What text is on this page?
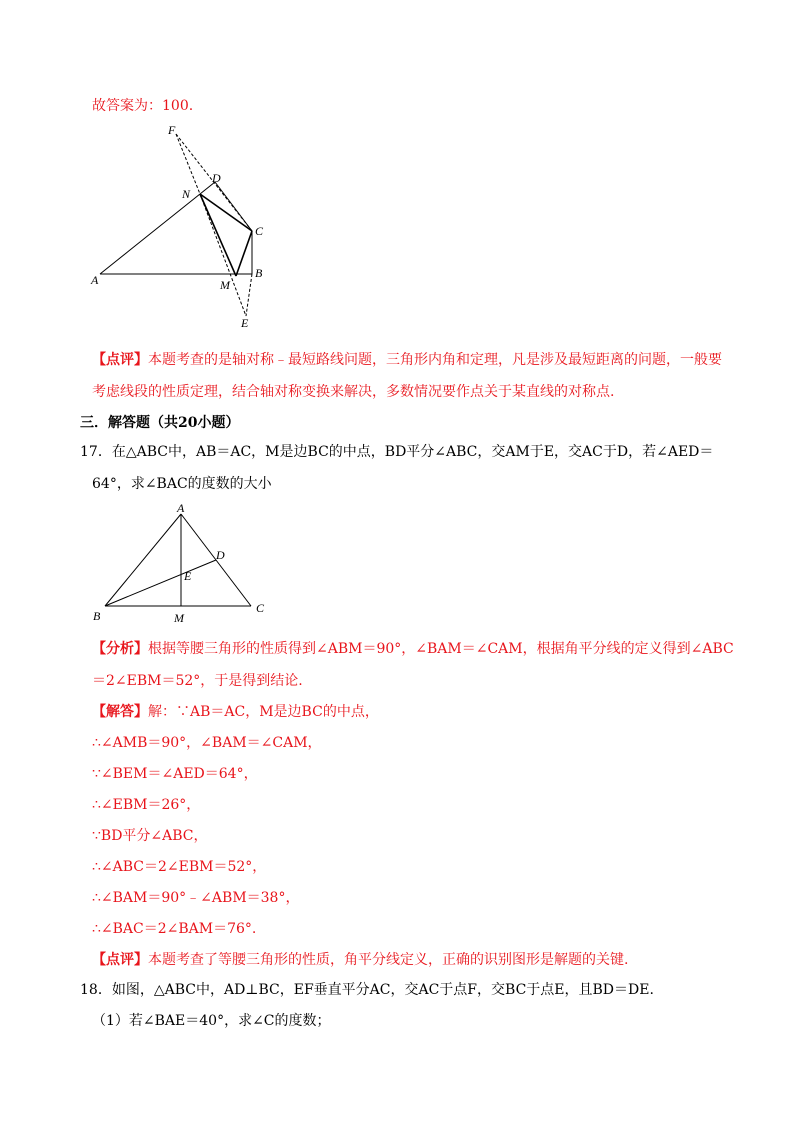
故答案为：100.
F
D
N
C
A	M
B
E
【点评】本题考查的是轴对称﹣最短路线问题，三角形内角和定理，凡是涉及最短距离的问题，一般要
考虑线段的性质定理，结合轴对称变换来解决，多数情况要作点关于某直线的对称点.
三．解答题（共20小题）
17．在△ABC中，AB＝AC，M是边BC的中点，BD平分∠ABC，交AM于E，交AC于D，若∠AED＝
64°，求∠BAC的度数的大小
A
D
E
B
C
M
【分析】根据等腰三角形的性质得到∠ABM＝90°，∠BAM＝∠CAM，根据角平分线的定义得到∠ABC
＝2∠EBM＝52°，于是得到结论.
【解答】解：∵AB＝AC，M是边BC的中点，
∴∠AMB＝90°，∠BAM＝∠CAM，
∵∠BEM＝∠AED＝64°，
∴∠EBM＝26°，
∵BD平分∠ABC，
∴∠ABC＝2∠EBM＝52°，
∴∠BAM＝90°﹣∠ABM＝38°，
∴∠BAC＝2∠BAM＝76°.
【点评】本题考查了等腰三角形的性质，角平分线定义，正确的识别图形是解题的关键.
18．如图，△ABC中，AD⊥BC，EF垂直平分AC，交AC于点F，交BC于点E，且BD＝DE.
（1）若∠BAE＝40°，求∠C的度数；
